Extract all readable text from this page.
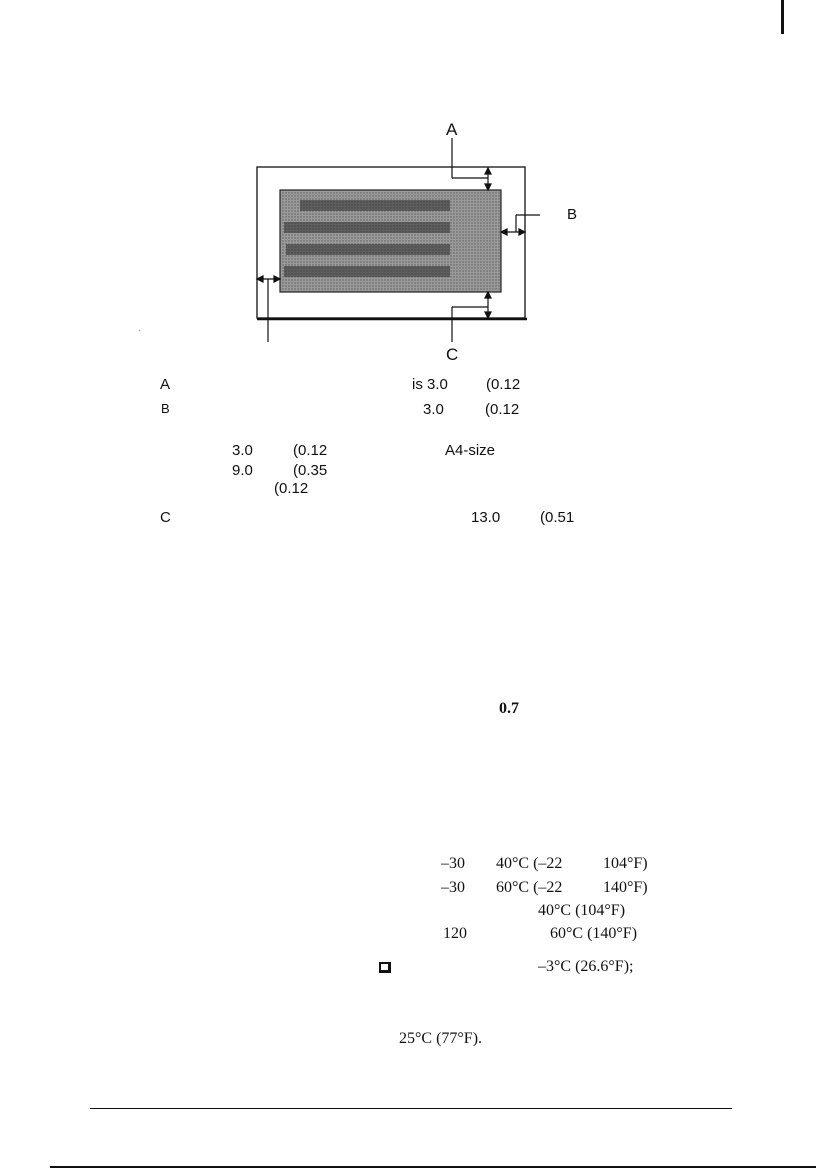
A
B
C
A	is 3.0	(0.12
B	3.0	(0.12
3.0	(0.12	A4-size
9.0	(0.35
(0.12
C	13.0	(0.51
0.7
–30 40°C (–22	104°F)
–30 60°C (–22	140°F)
40°C (104°F)
120	60°C (140°F)
–3°C (26.6°F);
25°C (77°F).
